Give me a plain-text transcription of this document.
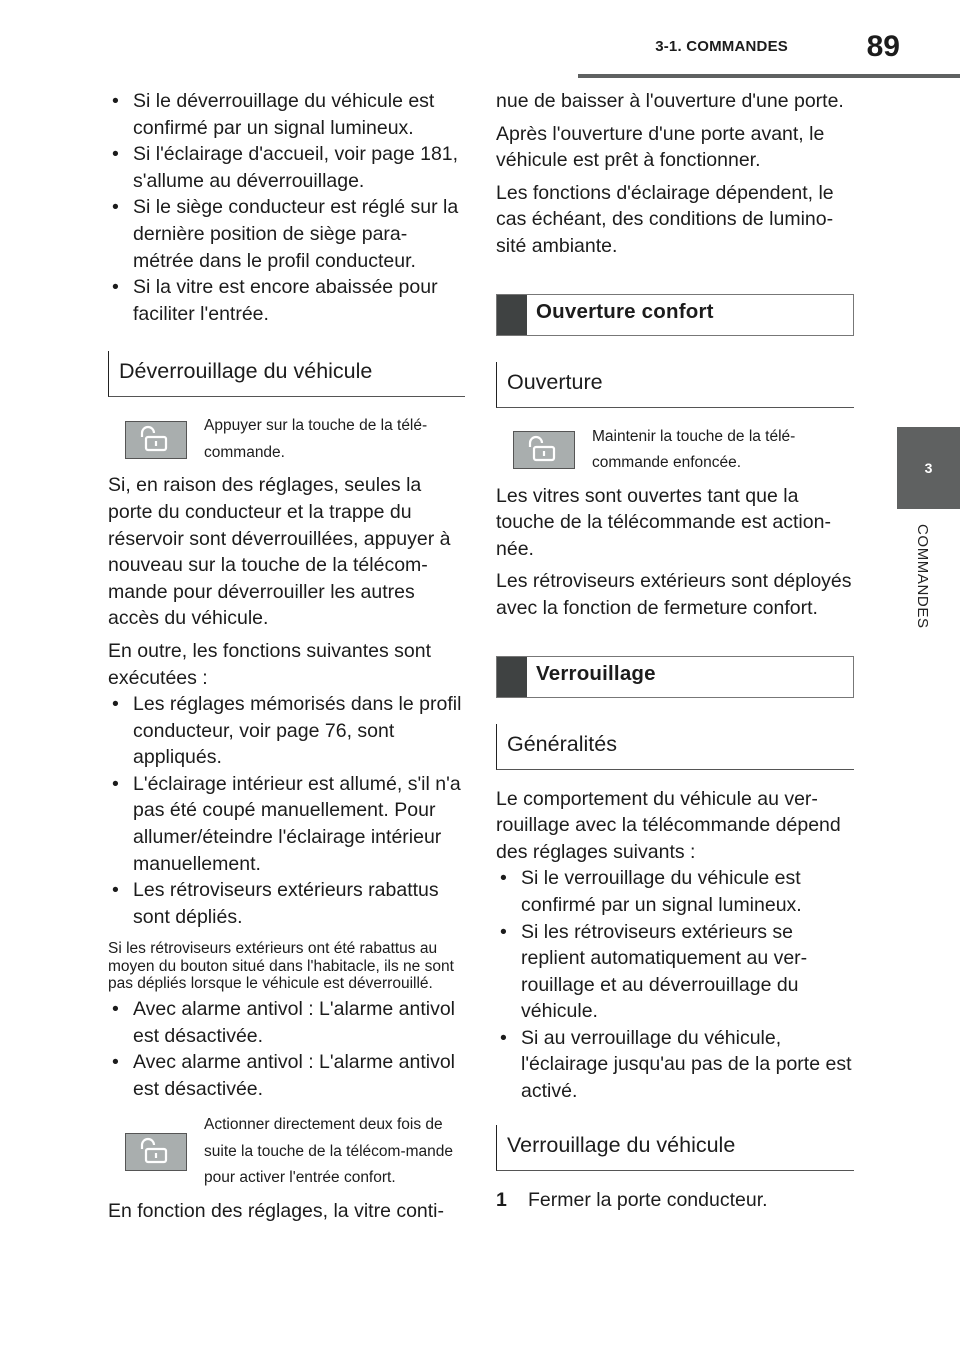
3-1. COMMANDES	89
3
COMMANDES
• Si le déverrouillage du véhicule est confirmé par un signal lumineux.
• Si l'éclairage d'accueil, voir page 181, s'allume au déverrouillage.
• Si le siège conducteur est réglé sur la dernière position de siège para-métrée dans le profil conducteur.
• Si la vitre est encore abaissée pour faciliter l'entrée.
Déverrouillage du véhicule
Appuyer sur la touche de la télé-commande.

Si, en raison des réglages, seules la porte du conducteur et la trappe du réservoir sont déverrouillées, appuyer à nouveau sur la touche de la télécom-mande pour déverrouiller les autres accès du véhicule.

En outre, les fonctions suivantes sont exécutées :

• Les réglages mémorisés dans le profil conducteur, voir page 76, sont appliqués.
• L'éclairage intérieur est allumé, s'il n'a pas été coupé manuellement. Pour allumer/éteindre l'éclairage intérieur manuellement.
• Les rétroviseurs extérieurs rabattus sont dépliés.

Si les rétroviseurs extérieurs ont été rabattus au moyen du bouton situé dans l'habitacle, ils ne sont pas dépliés lorsque le véhicule est déverrouillé.

• Avec alarme antivol : L'alarme antivol est désactivée.
• Avec alarme antivol : L'alarme antivol est désactivée.
Actionner directement deux fois de suite la touche de la télécom-mande pour activer l'entrée confort.

En fonction des réglages, la vitre conti-

nue de baisser à l'ouverture d'une porte.

Après l'ouverture d'une porte avant, le véhicule est prêt à fonctionner.

Les fonctions d'éclairage dépendent, le cas échéant, des conditions de lumino-sité ambiante.

Ouverture confort
Ouverture
Maintenir la touche de la télé-commande enfoncée.

Les vitres sont ouvertes tant que la touche de la télécommande est action-née.

Les rétroviseurs extérieurs sont déployés avec la fonction de fermeture confort.

Verrouillage
Généralités

Le comportement du véhicule au ver-rouillage avec la télécommande dépend des réglages suivants :

• Si le verrouillage du véhicule est confirmé par un signal lumineux.
• Si les rétroviseurs extérieurs se replient automatiquement au ver-rouillage et au déverrouillage du véhicule.
• Si au verrouillage du véhicule, l'éclairage jusqu'au pas de la porte est activé.
Verrouillage du véhicule
1	Fermer la porte conducteur.
